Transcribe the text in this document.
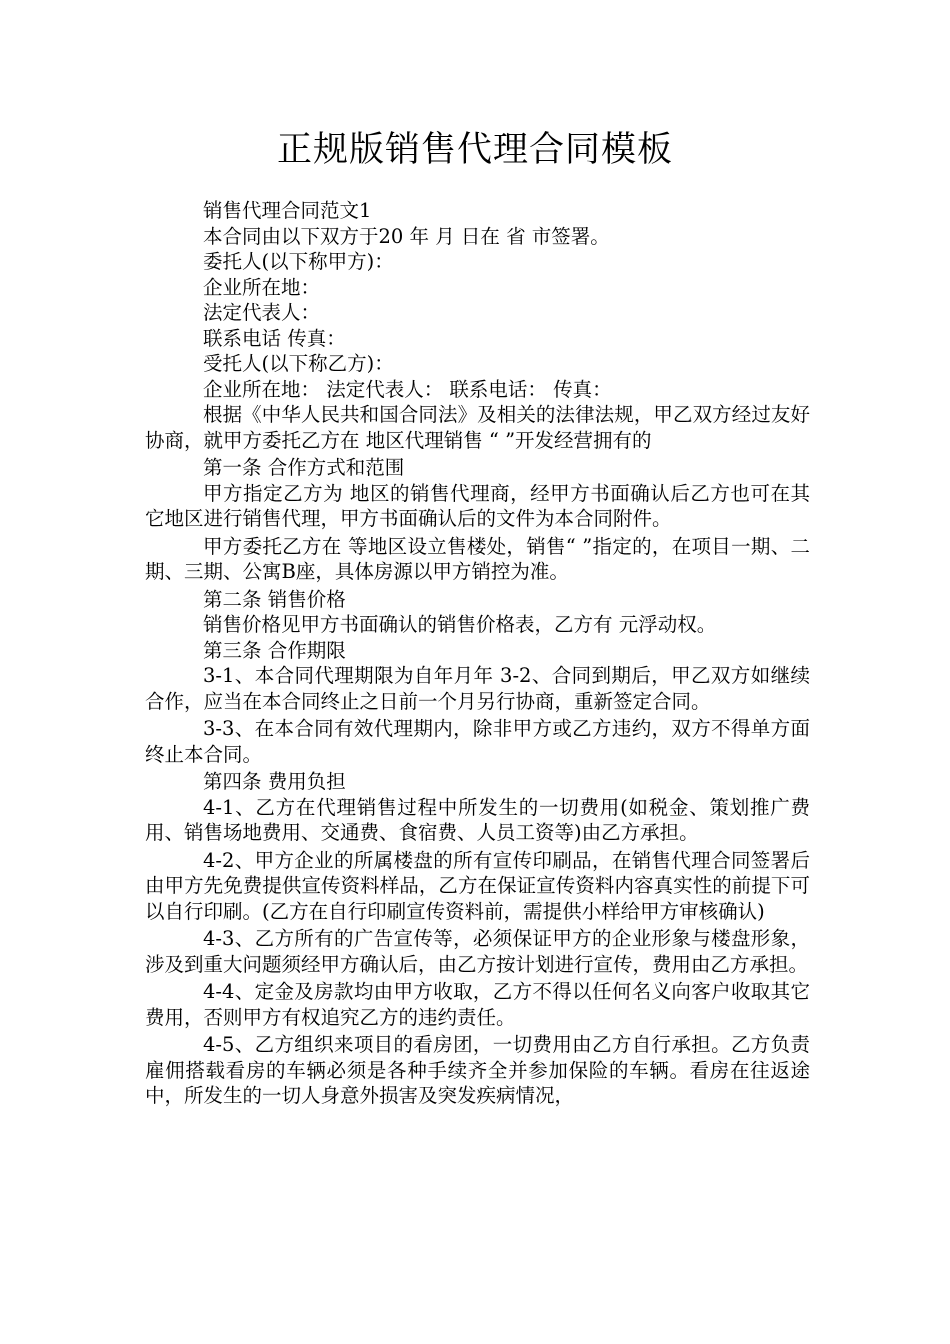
正规版销售代理合同模板

销售代理合同范文1

本合同由以下双方于20 年 月 日在 省 市签署。

委托人(以下称甲方)：

企业所在地：

法定代表人：

联系电话 传真：

受托人(以下称乙方)：

企业所在地： 法定代表人： 联系电话： 传真：

根据《中华人民共和国合同法》及相关的法律法规，甲乙双方经过友好协商，就甲方委托乙方在 地区代理销售 “ ”开发经营拥有的

第一条 合作方式和范围

甲方指定乙方为 地区的销售代理商，经甲方书面确认后乙方也可在其它地区进行销售代理，甲方书面确认后的文件为本合同附件。

甲方委托乙方在 等地区设立售楼处，销售“ ”指定的，在项目一期、二期、三期、公寓B座，具体房源以甲方销控为准。

第二条 销售价格

销售价格见甲方书面确认的销售价格表，乙方有 元浮动权。

第三条 合作期限

3-1、本合同代理期限为自年月年 3-2、合同到期后，甲乙双方如继续合作，应当在本合同终止之日前一个月另行协商，重新签定合同。

3-3、在本合同有效代理期内，除非甲方或乙方违约，双方不得单方面终止本合同。

第四条 费用负担

4-1、乙方在代理销售过程中所发生的一切费用(如税金、策划推广费用、销售场地费用、交通费、食宿费、人员工资等)由乙方承担。

4-2、甲方企业的所属楼盘的所有宣传印刷品，在销售代理合同签署后由甲方先免费提供宣传资料样品，乙方在保证宣传资料内容真实性的前提下可以自行印刷。(乙方在自行印刷宣传资料前，需提供小样给甲方审核确认)

4-3、乙方所有的广告宣传等，必须保证甲方的企业形象与楼盘形象，涉及到重大问题须经甲方确认后，由乙方按计划进行宣传，费用由乙方承担。

4-4、定金及房款均由甲方收取，乙方不得以任何名义向客户收取其它费用，否则甲方有权追究乙方的违约责任。

4-5、乙方组织来项目的看房团，一切费用由乙方自行承担。乙方负责雇佣搭载看房的车辆必须是各种手续齐全并参加保险的车辆。看房在往返途中，所发生的一切人身意外损害及突发疾病情况，
